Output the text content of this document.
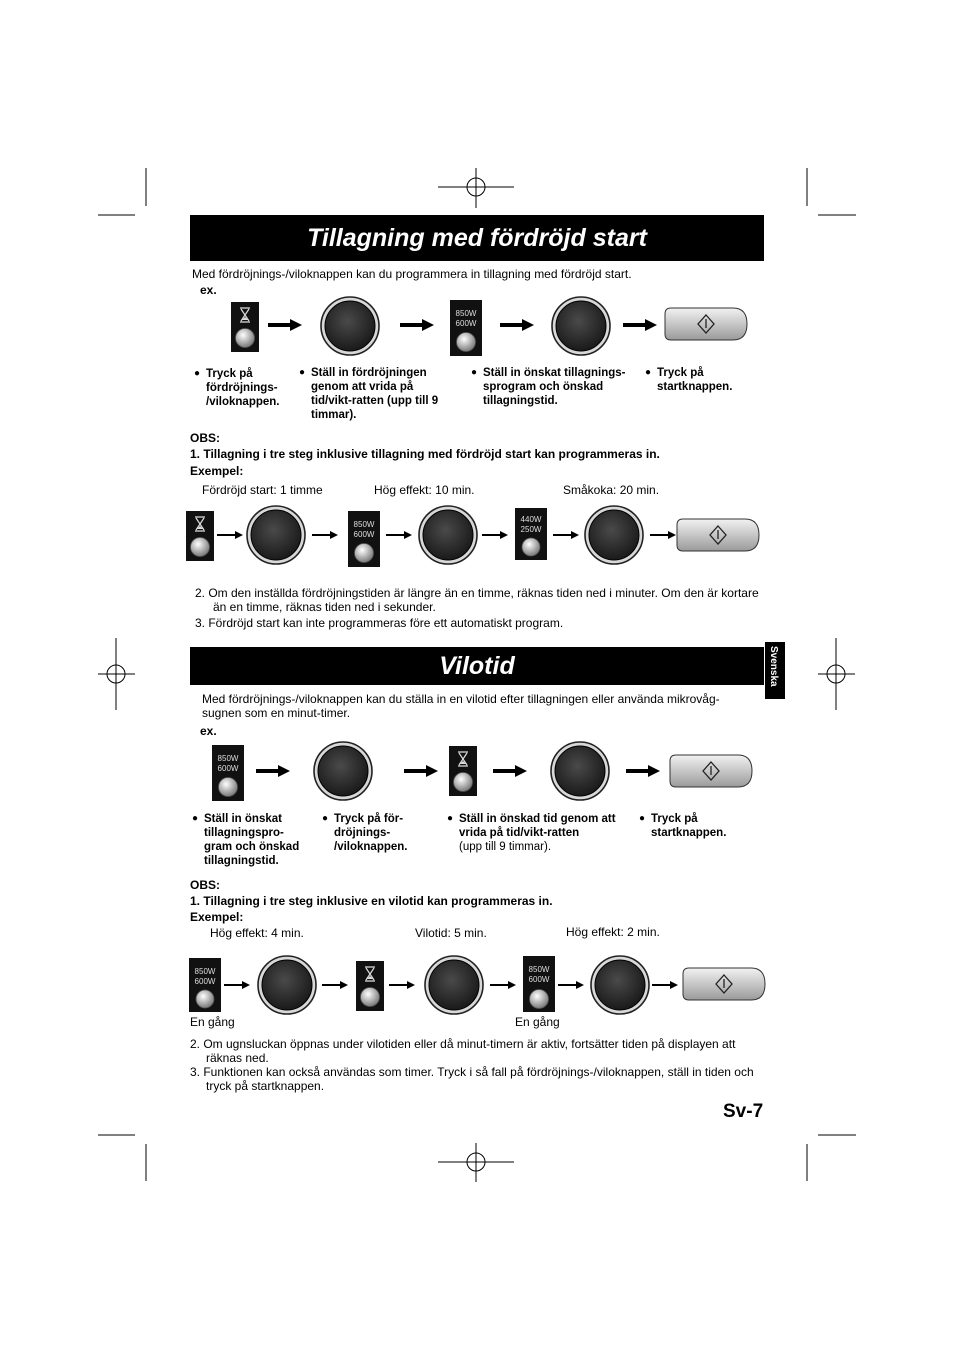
850W
600W
850W
600W
440W
250W
850W
600W
850W
600W
850W
600W
Tillagning med fördröjd start
Med fördröjnings-/viloknappen kan du programmera in tillagning med fördröjd start.
ex.
● Tryck på fördröjnings- /viloknappen.
● Ställ in fördröjningen genom att vrida på tid/vikt-ratten (upp till 9 timmar).
● Ställ in önskat tillagnings- sprogram och önskad tillagningstid.
● Tryck på startknappen.
OBS:
1. Tillagning i tre steg inklusive tillagning med fördröjd start kan programmeras in.
Exempel:
Fördröjd start: 1 timme	Hög effekt: 10 min.	Småkoka: 20 min.
2. Om den inställda fördröjningstiden är längre än en timme, räknas tiden ned i minuter. Om den är kortare än en timme, räknas tiden ned i sekunder.
3. Fördröjd start kan inte programmeras före ett automatiskt program.
Svenska
Vilotid
Med fördröjnings-/viloknappen kan du ställa in en vilotid efter tillagningen eller använda mikrovåg- sugnen som en minut-timer.
ex.
● Ställ in önskat tillagningspro- gram och önskad tillagningstid.
● Tryck på för- dröjnings- /viloknappen.
● Ställ in önskad tid genom att vrida på tid/vikt-ratten
(upp till 9 timmar).
● Tryck på startknappen.
OBS:
1. Tillagning i tre steg inklusive en vilotid kan programmeras in.
Exempel:
Hög effekt: 4 min.	Vilotid: 5 min.	Hög effekt: 2 min.
En gång	En gång
2. Om ugnsluckan öppnas under vilotiden eller då minut-timern är aktiv, fortsätter tiden på displayen att räknas ned.
3. Funktionen kan också användas som timer. Tryck i så fall på fördröjnings-/viloknappen, ställ in tiden och tryck på startknappen.
Sv-7
